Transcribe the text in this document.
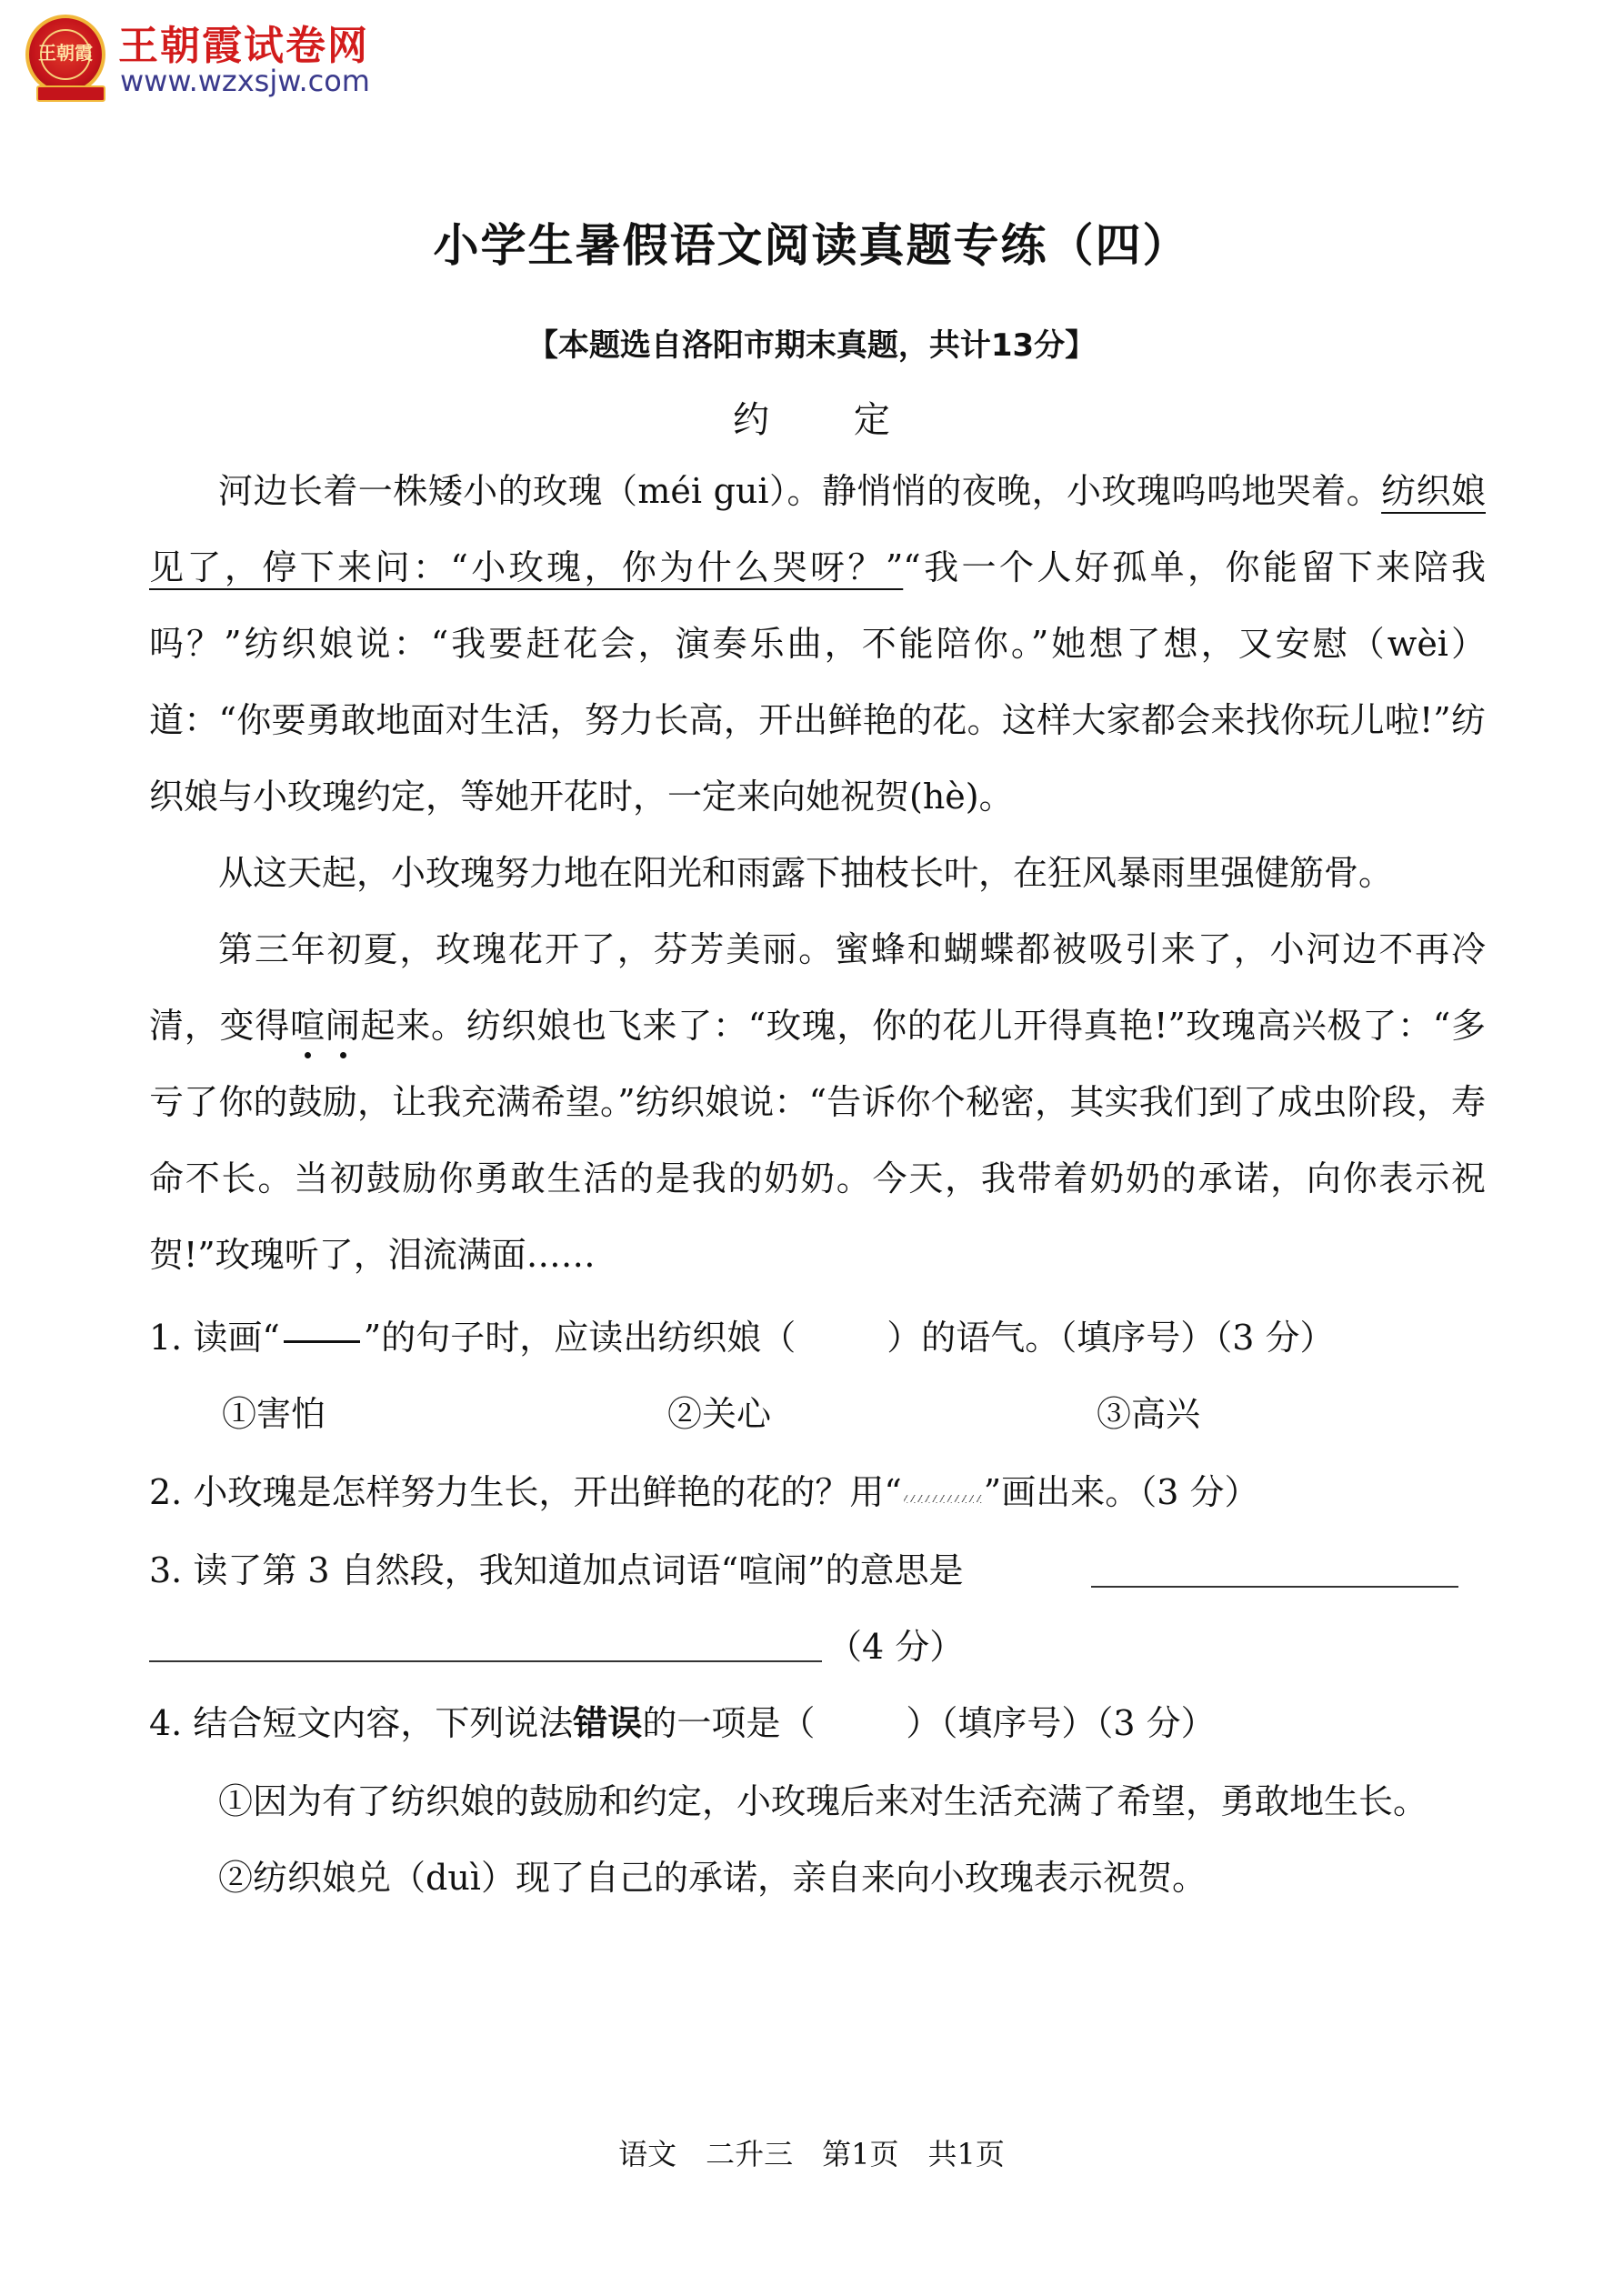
王朝霞 王朝霞试卷网
www.wzxsjw.com
小学生暑假语文阅读真题专练（四）
【本题选自洛阳市期末真题，共计13分】
约 定

河边长着一株矮小的玫瑰（méi gui）。静悄悄的夜晚，小玫瑰呜呜地哭着。纺织娘见了，停下来问：“小玫瑰，你为什么哭呀？”“我一个人好孤单，你能留下来陪我吗？”纺织娘说：“我要赶花会，演奏乐曲，不能陪你。”她想了想，又安慰（wèi）道：“你要勇敢地面对生活，努力长高，开出鲜艳的花。这样大家都会来找你玩儿啦!”纺织娘与小玫瑰约定，等她开花时，一定来向她祝贺(hè)。

从这天起，小玫瑰努力地在阳光和雨露下抽枝长叶，在狂风暴雨里强健筋骨。

第三年初夏，玫瑰花开了，芬芳美丽。蜜蜂和蝴蝶都被吸引来了，小河边不再冷清，变得喧闹起来。纺织娘也飞来了：“玫瑰，你的花儿开得真艳!”玫瑰高兴极了：“多亏了你的鼓励，让我充满希望。”纺织娘说：“告诉你个秘密，其实我们到了成虫阶段，寿命不长。当初鼓励你勇敢生活的是我的奶奶。今天，我带着奶奶的承诺，向你表示祝贺!”玫瑰听了，泪流满面……

1. 读画“ ”的句子时，应读出纺织娘（	）的语气。（填序号）（3 分）
①害怕	②关心	③高兴
2. 小玫瑰是怎样努力生长，开出鲜艳的花的？用“ ”画出来。（3 分）
3. 读了第 3 自然段，我知道加点词语“喧闹”的意思是
（4 分）
4. 结合短文内容，下列说法错误的一项是（	）（填序号）（3 分）
①因为有了纺织娘的鼓励和约定，小玫瑰后来对生活充满了希望，勇敢地生长。
②纺织娘兑（duì）现了自己的承诺，亲自来向小玫瑰表示祝贺。
语文　二升三　第1页　共1页
